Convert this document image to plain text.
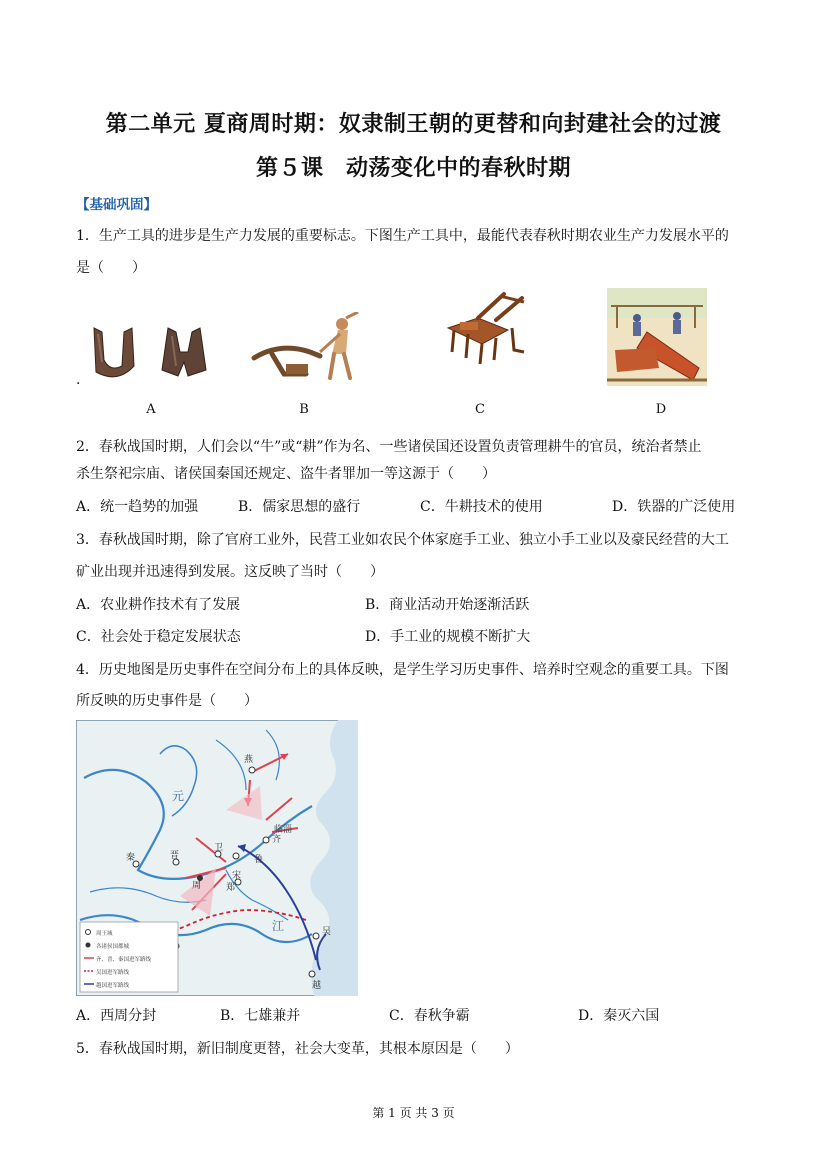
第二单元 夏商周时期：奴隶制王朝的更替和向封建社会的过渡
第５课　动荡变化中的春秋时期
【基础巩固】
1．生产工具的进步是生产力发展的重要标志。下图生产工具中，最能代表春秋时期农业生产力发展水平的
是（　　）
.
A	B	C	D
2．春秋战国时期，人们会以“牛”或“耕”作为名、一些诸侯国还设置负责管理耕牛的官员，统治者禁止
杀生祭祀宗庙、诸侯国秦国还规定、盗牛者罪加一等这源于（　　）
A．统一趋势的加强	B．儒家思想的盛行	C．牛耕技术的使用	D．铁器的广泛使用
3．春秋战国时期，除了官府工业外，民营工业如农民个体家庭手工业、独立小手工业以及豪民经营的大工
矿业出现并迅速得到发展。这反映了当时（　　）
A．农业耕作技术有了发展	B．商业活动开始逐渐活跃
C．社会处于稳定发展状态	D．手工业的规模不断扩大
4．历史地图是历史事件在空间分布上的具体反映，是学生学习历史事件、培养时空观念的重要工具。下图
所反映的历史事件是（　　）
燕
齐
鲁
宋
秦	晋
周
卫
郑
吴
越
临淄
元
江
周王城
各诸侯国都城
齐、晋、秦国进军路线
吴国进军路线
越国进军路线
A．西周分封	B．七雄兼并	C．春秋争霸	D．秦灭六国
5．春秋战国时期，新旧制度更替，社会大变革，其根本原因是（　　）
第 1 页 共 3 页
